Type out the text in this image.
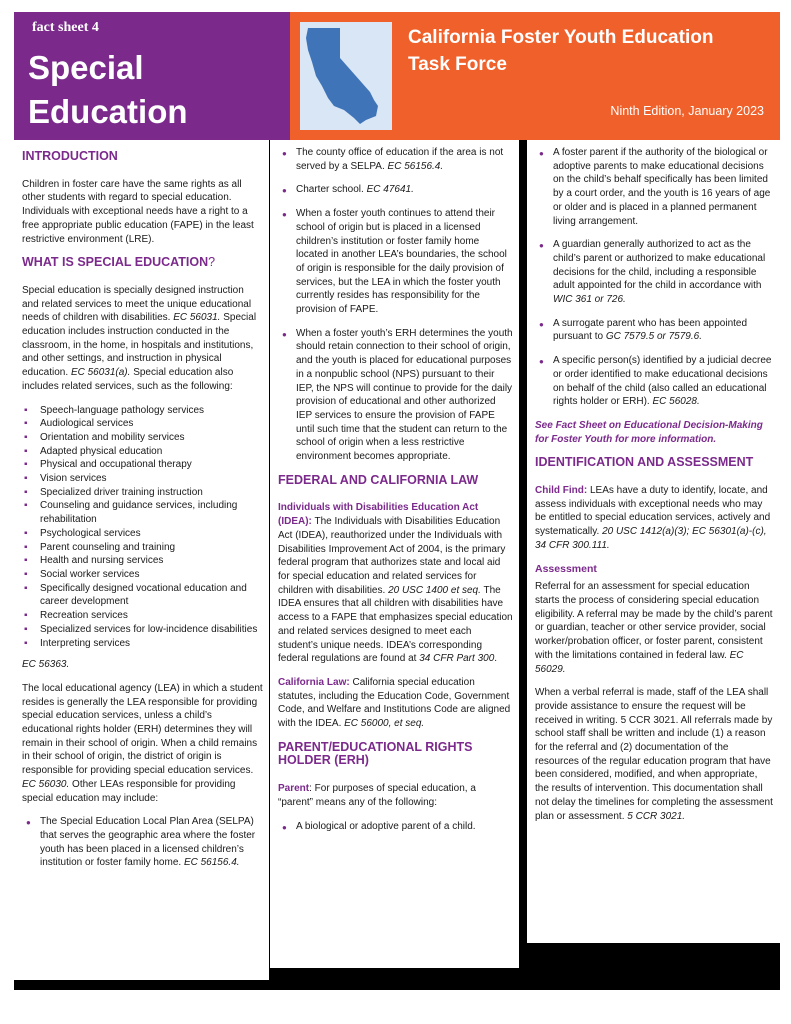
fact sheet 4
Special
Education
California Foster Youth Education
Task Force
Ninth Edition, January 2023
INTRODUCTION

Children in foster care have the same rights as all other students with regard to special education. Individuals with exceptional needs have a right to a free appropriate public education (FAPE) in the least restrictive environment (LRE).

WHAT IS SPECIAL EDUCATION?

Special education is specially designed instruction and related services to meet the unique educational needs of children with disabilities. EC 56031. Special education includes instruction conducted in the classroom, in the home, in hospitals and institutions, and other settings, and instruction in physical education. EC 56031(a). Special education also includes related services, such as the following:

▪ Speech-language pathology services
▪ Audiological services
▪ Orientation and mobility services
▪ Adapted physical education
▪ Physical and occupational therapy
▪ Vision services
▪ Specialized driver training instruction
▪ Counseling and guidance services, including rehabilitation
▪ Psychological services
▪ Parent counseling and training
▪ Health and nursing services
▪ Social worker services
▪ Specifically designed vocational education and career development
▪ Recreation services
▪ Specialized services for low-incidence disabilities
▪ Interpreting services

EC 56363.

The local educational agency (LEA) in which a student resides is generally the LEA responsible for providing special education services, unless a child’s educational rights holder (ERH) determines they will remain in their school of origin. When a child remains in their school of origin, the district of origin is responsible for providing special education services. EC 56030. Other LEAs responsible for providing special education may include:

● The Special Education Local Plan Area (SELPA) that serves the geographic area where the foster youth has been placed in a licensed children’s institution or foster family home. EC 56156.4.
● The county office of education if the area is not served by a SELPA. EC 56156.4.
● Charter school. EC 47641.
● When a foster youth continues to attend their school of origin but is placed in a licensed children’s institution or foster family home located in another LEA’s boundaries, the school of origin is responsible for the daily provision of services, but the LEA in which the foster youth currently resides has responsibility for the provision of FAPE.
● When a foster youth’s ERH determines the youth should retain connection to their school of origin, and the youth is placed for educational purposes in a nonpublic school (NPS) pursuant to their IEP, the NPS will continue to provide for the daily provision of educational and other authorized IEP services to ensure the provision of FAPE until such time that the student can return to the school of origin when a less restrictive environment becomes appropriate.
FEDERAL AND CALIFORNIA LAW

Individuals with Disabilities Education Act (IDEA): The Individuals with Disabilities Education Act (IDEA), reauthorized under the Individuals with Disabilities Improvement Act of 2004, is the primary federal program that authorizes state and local aid for special education and related services for children with disabilities. 20 USC 1400 et seq. The IDEA ensures that all children with disabilities have access to a FAPE that emphasizes special education and related services designed to meet each student’s unique needs. IDEA’s corresponding federal regulations are found at 34 CFR Part 300.

California Law: California special education statutes, including the Education Code, Government Code, and Welfare and Institutions Code are aligned with the IDEA. EC 56000, et seq.

PARENT/EDUCATIONAL RIGHTS HOLDER (ERH)

Parent: For purposes of special education, a “parent” means any of the following:

● A biological or adoptive parent of a child.
● A foster parent if the authority of the biological or adoptive parents to make educational decisions on the child’s behalf specifically has been limited by a court order, and the youth is 16 years of age or older and is placed in a planned permanent living arrangement.
● A guardian generally authorized to act as the child’s parent or authorized to make educational decisions for the child, including a responsible adult appointed for the child in accordance with WIC 361 or 726.
● A surrogate parent who has been appointed pursuant to GC 7579.5 or 7579.6.
● A specific person(s) identified by a judicial decree or order identified to make educational decisions on behalf of the child (also called an educational rights holder or ERH). EC 56028.

See Fact Sheet on Educational Decision-Making for Foster Youth for more information.

IDENTIFICATION AND ASSESSMENT

Child Find: LEAs have a duty to identify, locate, and assess individuals with exceptional needs who may be entitled to special education services, actively and systematically. 20 USC 1412(a)(3); EC 56301(a)-(c), 34 CFR 300.111.

Assessment

Referral for an assessment for special education starts the process of considering special education eligibility. A referral may be made by the child’s parent or guardian, teacher or other service provider, social worker/probation officer, or foster parent, consistent with the limitations contained in federal law. EC 56029.

When a verbal referral is made, staff of the LEA shall provide assistance to ensure the request will be received in writing. 5 CCR 3021. All referrals made by school staff shall be written and include (1) a reason for the referral and (2) documentation of the resources of the regular education program that have been considered, modified, and when appropriate, the results of intervention. This documentation shall not delay the timelines for completing the assessment plan or assessment. 5 CCR 3021.
